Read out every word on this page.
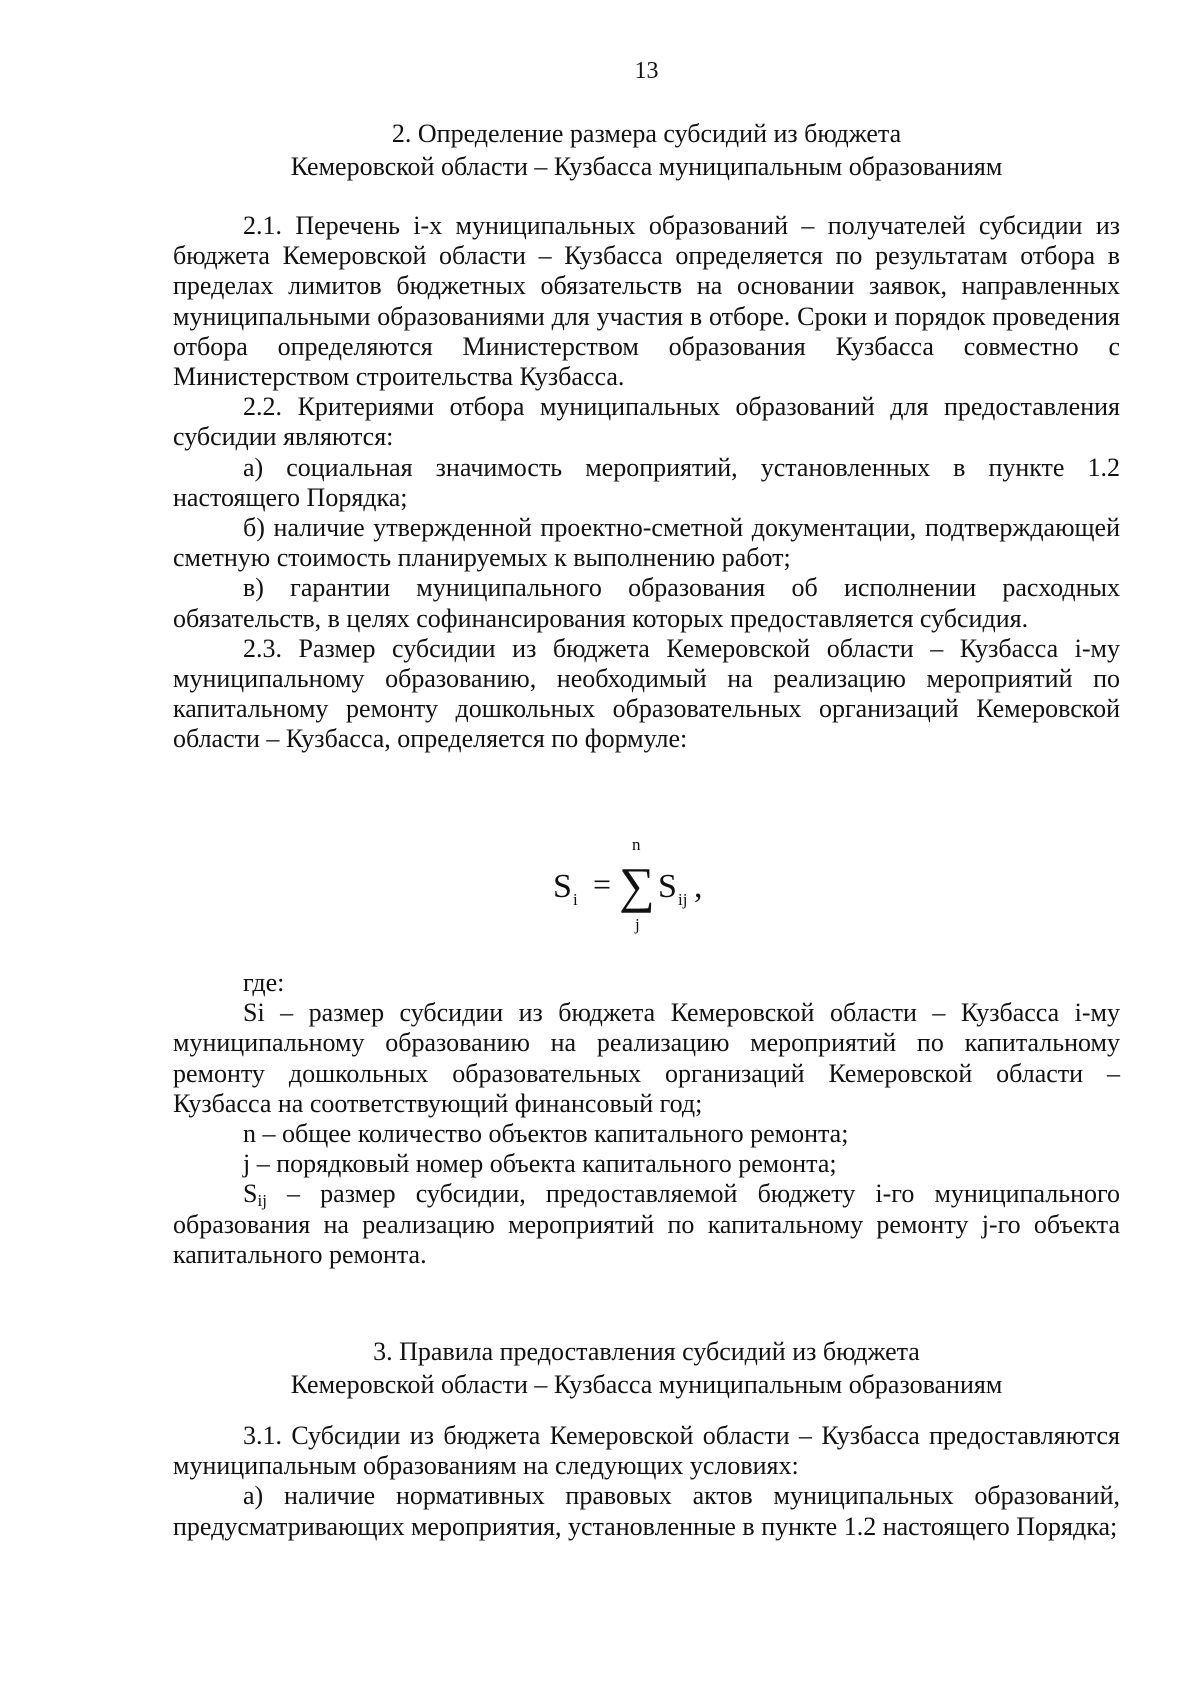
13
2. Определение размера субсидий из бюджета
Кемеровской области – Кузбасса муниципальным образованиям

2.1. Перечень i-х муниципальных образований – получателей субсидии из бюджета Кемеровской области – Кузбасса определяется по результатам отбора в пределах лимитов бюджетных обязательств на основании заявок, направленных муниципальными образованиями для участия в отборе. Сроки и порядок проведения отбора определяются Министерством образования Кузбасса совместно с Министерством строительства Кузбасса.

2.2. Критериями отбора муниципальных образований для предоставления субсидии являются:

а) социальная значимость мероприятий, установленных в пункте 1.2 настоящего Порядка;

б) наличие утвержденной проектно-сметной документации, подтверждающей сметную стоимость планируемых к выполнению работ;

в) гарантии муниципального образования об исполнении расходных обязательств, в целях софинансирования которых предоставляется субсидия.

2.3. Размер субсидии из бюджета Кемеровской области – Кузбасса i-му муниципальному образованию, необходимый на реализацию мероприятий по капитальному ремонту дошкольных образовательных организаций Кемеровской области – Кузбасса, определяется по формуле:

S i = ∑
n
j
S ij ,

где:

Si – размер субсидии из бюджета Кемеровской области – Кузбасса i-му муниципальному образованию на реализацию мероприятий по капитальному ремонту дошкольных образовательных организаций Кемеровской области – Кузбасса на соответствующий финансовый год;

n – общее количество объектов капитального ремонта;

j – порядковый номер объекта капитального ремонта;

$S_{ij}$ – размер субсидии, предоставляемой бюджету i-го муниципального образования на реализацию мероприятий по капитальному ремонту j-го объекта капитального ремонта.

3. Правила предоставления субсидий из бюджета
Кемеровской области – Кузбасса муниципальным образованиям

3.1. Субсидии из бюджета Кемеровской области – Кузбасса предоставляются муниципальным образованиям на следующих условиях:

а) наличие нормативных правовых актов муниципальных образований, предусматривающих мероприятия, установленные в пункте 1.2 настоящего Порядка;
